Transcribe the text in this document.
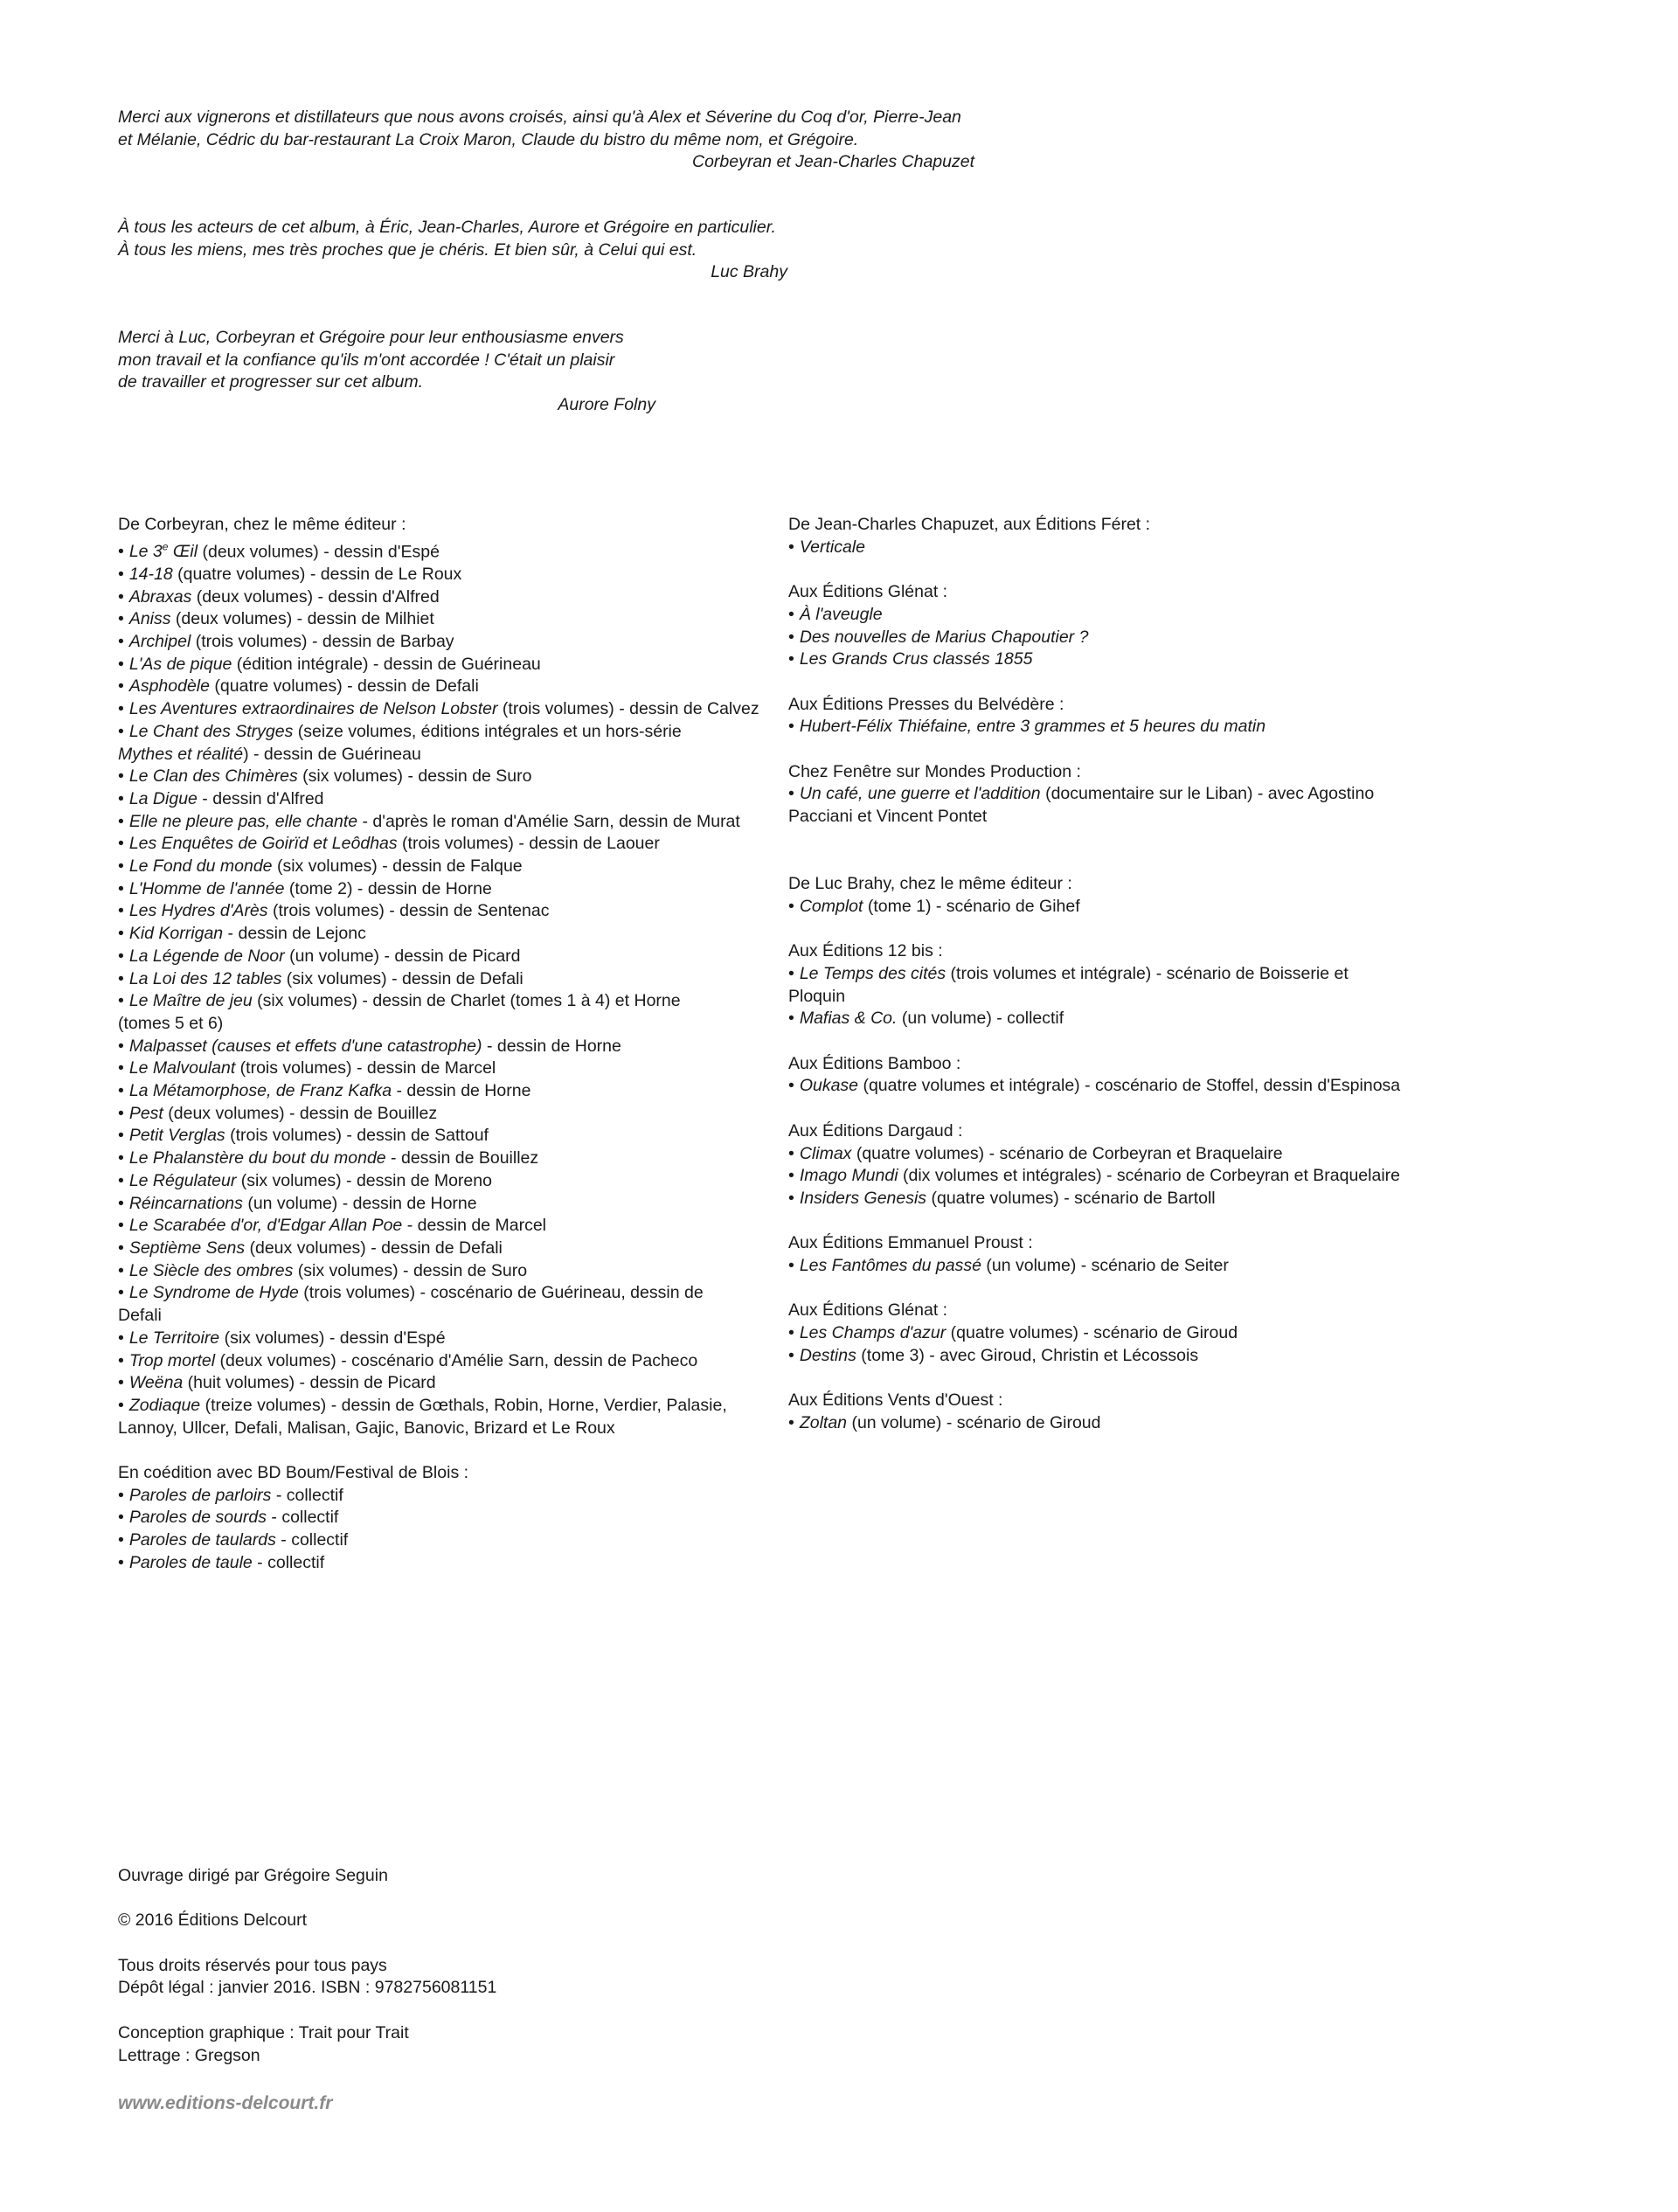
Merci aux vignerons et distillateurs que nous avons croisés, ainsi qu'à Alex et Séverine du Coq d'or, Pierre-Jean

et Mélanie, Cédric du bar-restaurant La Croix Maron, Claude du bistro du même nom, et Grégoire.

Corbeyran et Jean-Charles Chapuzet

À tous les acteurs de cet album, à Éric, Jean-Charles, Aurore et Grégoire en particulier.

À tous les miens, mes très proches que je chéris. Et bien sûr, à Celui qui est.

Luc Brahy

Merci à Luc, Corbeyran et Grégoire pour leur enthousiasme envers

mon travail et la confiance qu'ils m'ont accordée ! C'était un plaisir

de travailler et progresser sur cet album.

Aurore Folny

De Corbeyran, chez le même éditeur :

• Le 3e Œil (deux volumes) - dessin d'Espé
• 14-18 (quatre volumes) - dessin de Le Roux
• Abraxas (deux volumes) - dessin d'Alfred
• Aniss (deux volumes) - dessin de Milhiet
• Archipel (trois volumes) - dessin de Barbay
• L'As de pique (édition intégrale) - dessin de Guérineau
• Asphodèle (quatre volumes) - dessin de Defali
• Les Aventures extraordinaires de Nelson Lobster (trois volumes) - dessin de Calvez
• Le Chant des Stryges (seize volumes, éditions intégrales et un hors-série
Mythes et réalité) - dessin de Guérineau
• Le Clan des Chimères (six volumes) - dessin de Suro
• La Digue - dessin d'Alfred
• Elle ne pleure pas, elle chante - d'après le roman d'Amélie Sarn, dessin de Murat
• Les Enquêtes de Goirïd et Leôdhas (trois volumes) - dessin de Laouer
• Le Fond du monde (six volumes) - dessin de Falque
• L'Homme de l'année (tome 2) - dessin de Horne
• Les Hydres d'Arès (trois volumes) - dessin de Sentenac
• Kid Korrigan - dessin de Lejonc
• La Légende de Noor (un volume) - dessin de Picard
• La Loi des 12 tables (six volumes) - dessin de Defali
• Le Maître de jeu (six volumes) - dessin de Charlet (tomes 1 à 4) et Horne
(tomes 5 et 6)
• Malpasset (causes et effets d'une catastrophe) - dessin de Horne
• Le Malvoulant (trois volumes) - dessin de Marcel
• La Métamorphose, de Franz Kafka - dessin de Horne
• Pest (deux volumes) - dessin de Bouillez
• Petit Verglas (trois volumes) - dessin de Sattouf
• Le Phalanstère du bout du monde - dessin de Bouillez
• Le Régulateur (six volumes) - dessin de Moreno
• Réincarnations (un volume) - dessin de Horne
• Le Scarabée d'or, d'Edgar Allan Poe - dessin de Marcel
• Septième Sens (deux volumes) - dessin de Defali
• Le Siècle des ombres (six volumes) - dessin de Suro
• Le Syndrome de Hyde (trois volumes) - coscénario de Guérineau, dessin de
Defali
• Le Territoire (six volumes) - dessin d'Espé
• Trop mortel (deux volumes) - coscénario d'Amélie Sarn, dessin de Pacheco
• Weëna (huit volumes) - dessin de Picard
• Zodiaque (treize volumes) - dessin de Gœthals, Robin, Horne, Verdier, Palasie,
Lannoy, Ullcer, Defali, Malisan, Gajic, Banovic, Brizard et Le Roux

En coédition avec BD Boum/Festival de Blois :

• Paroles de parloirs - collectif
• Paroles de sourds - collectif
• Paroles de taulards - collectif
• Paroles de taule - collectif

De Jean-Charles Chapuzet, aux Éditions Féret :

• Verticale

Aux Éditions Glénat :

• À l'aveugle
• Des nouvelles de Marius Chapoutier ?
• Les Grands Crus classés 1855

Aux Éditions Presses du Belvédère :

• Hubert-Félix Thiéfaine, entre 3 grammes et 5 heures du matin

Chez Fenêtre sur Mondes Production :

• Un café, une guerre et l'addition (documentaire sur le Liban) - avec Agostino
Pacciani et Vincent Pontet

De Luc Brahy, chez le même éditeur :

• Complot (tome 1) - scénario de Gihef

Aux Éditions 12 bis :

• Le Temps des cités (trois volumes et intégrale) - scénario de Boisserie et
Ploquin
• Mafias & Co. (un volume) - collectif

Aux Éditions Bamboo :

• Oukase (quatre volumes et intégrale) - coscénario de Stoffel, dessin d'Espinosa

Aux Éditions Dargaud :

• Climax (quatre volumes) - scénario de Corbeyran et Braquelaire
• Imago Mundi (dix volumes et intégrales) - scénario de Corbeyran et Braquelaire
• Insiders Genesis (quatre volumes) - scénario de Bartoll

Aux Éditions Emmanuel Proust :

• Les Fantômes du passé (un volume) - scénario de Seiter

Aux Éditions Glénat :

• Les Champs d'azur (quatre volumes) - scénario de Giroud
• Destins (tome 3) - avec Giroud, Christin et Lécossois

Aux Éditions Vents d'Ouest :

• Zoltan (un volume) - scénario de Giroud

Ouvrage dirigé par Grégoire Seguin

© 2016 Éditions Delcourt

Tous droits réservés pour tous pays

Dépôt légal : janvier 2016. ISBN : 9782756081151

Conception graphique : Trait pour Trait

Lettrage : Gregson

www.editions-delcourt.fr
